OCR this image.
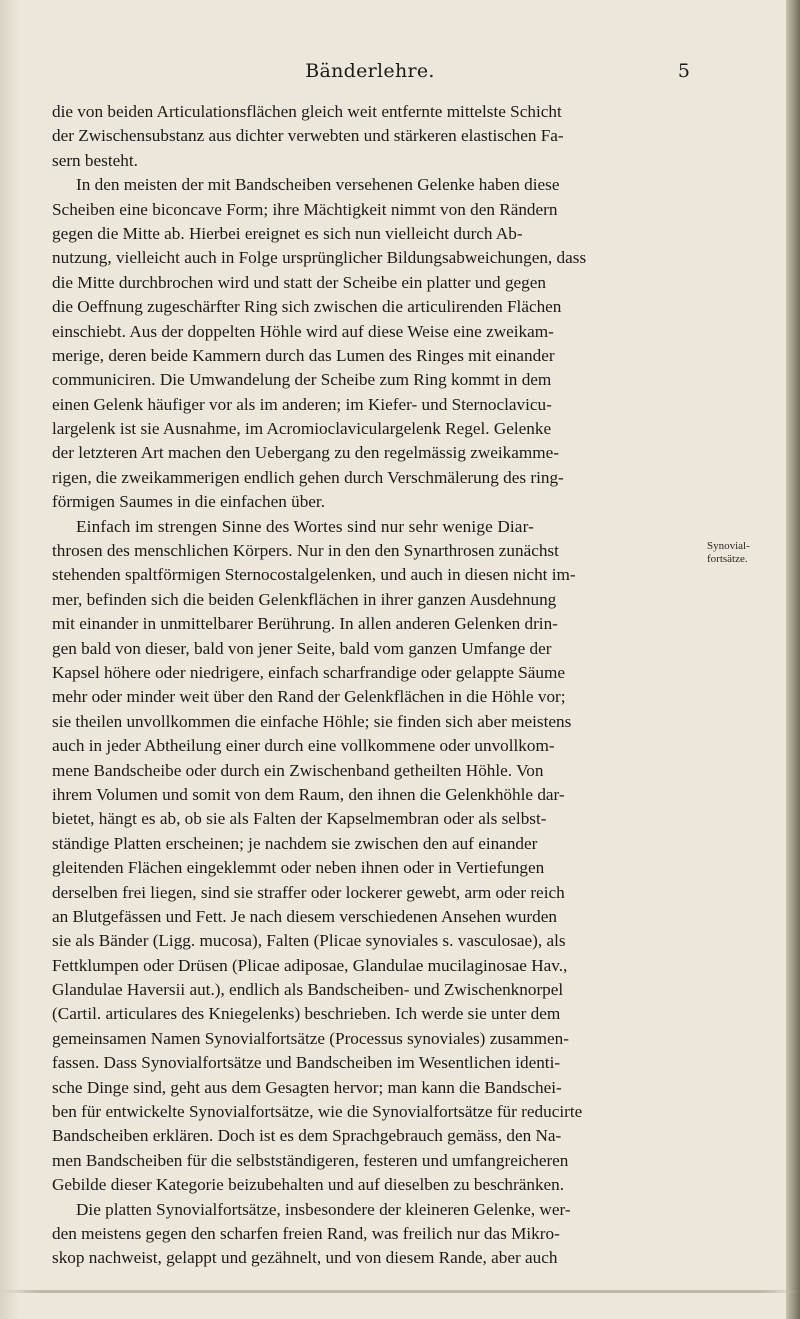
Bänderlehre.	5
die von beiden Articulationsflächen gleich weit entfernte mittelste Schicht
der Zwischensubstanz aus dichter verwebten und stärkeren elastischen Fa-
sern besteht.
In den meisten der mit Bandscheiben versehenen Gelenke haben diese
Scheiben eine biconcave Form; ihre Mächtigkeit nimmt von den Rändern
gegen die Mitte ab. Hierbei ereignet es sich nun vielleicht durch Ab-
nutzung, vielleicht auch in Folge ursprünglicher Bildungsabweichungen, dass
die Mitte durchbrochen wird und statt der Scheibe ein platter und gegen
die Oeffnung zugeschärfter Ring sich zwischen die articulirenden Flächen
einschiebt. Aus der doppelten Höhle wird auf diese Weise eine zweikam-
merige, deren beide Kammern durch das Lumen des Ringes mit einander
communiciren. Die Umwandelung der Scheibe zum Ring kommt in dem
einen Gelenk häufiger vor als im anderen; im Kiefer- und Sternoclavicu-
largelenk ist sie Ausnahme, im Acromioclaviculargelenk Regel. Gelenke
der letzteren Art machen den Uebergang zu den regelmässig zweikamme-
rigen, die zweikammerigen endlich gehen durch Verschmälerung des ring-
förmigen Saumes in die einfachen über.
Einfach im strengen Sinne des Wortes sind nur sehr wenige Diar-
throsen des menschlichen Körpers. Nur in den den Synarthrosen zunächst
stehenden spaltförmigen Sternocostalgelenken, und auch in diesen nicht im-
mer, befinden sich die beiden Gelenkflächen in ihrer ganzen Ausdehnung
mit einander in unmittelbarer Berührung. In allen anderen Gelenken drin-
gen bald von dieser, bald von jener Seite, bald vom ganzen Umfange der
Kapsel höhere oder niedrigere, einfach scharfrandige oder gelappte Säume
mehr oder minder weit über den Rand der Gelenkflächen in die Höhle vor;
sie theilen unvollkommen die einfache Höhle; sie finden sich aber meistens
auch in jeder Abtheilung einer durch eine vollkommene oder unvollkom-
mene Bandscheibe oder durch ein Zwischenband getheilten Höhle. Von
ihrem Volumen und somit von dem Raum, den ihnen die Gelenkhöhle dar-
bietet, hängt es ab, ob sie als Falten der Kapselmembran oder als selbst-
ständige Platten erscheinen; je nachdem sie zwischen den auf einander
gleitenden Flächen eingeklemmt oder neben ihnen oder in Vertiefungen
derselben frei liegen, sind sie straffer oder lockerer gewebt, arm oder reich
an Blutgefässen und Fett. Je nach diesem verschiedenen Ansehen wurden
sie als Bänder (Ligg. mucosa), Falten (Plicae synoviales s. vasculosae), als
Fettklumpen oder Drüsen (Plicae adiposae, Glandulae mucilaginosae Hav.,
Glandulae Haversii aut.), endlich als Bandscheiben- und Zwischenknorpel
(Cartil. articulares des Kniegelenks) beschrieben. Ich werde sie unter dem
gemeinsamen Namen Synovialfortsätze (Processus synoviales) zusammen-
fassen. Dass Synovialfortsätze und Bandscheiben im Wesentlichen identi-
sche Dinge sind, geht aus dem Gesagten hervor; man kann die Bandschei-
ben für entwickelte Synovialfortsätze, wie die Synovialfortsätze für reducirte
Bandscheiben erklären. Doch ist es dem Sprachgebrauch gemäss, den Na-
men Bandscheiben für die selbstständigeren, festeren und umfangreicheren
Gebilde dieser Kategorie beizubehalten und auf dieselben zu beschränken.
Die platten Synovialfortsätze, insbesondere der kleineren Gelenke, wer-
den meistens gegen den scharfen freien Rand, was freilich nur das Mikro-
skop nachweist, gelappt und gezähnelt, und von diesem Rande, aber auch
Synovial-
fortsätze.
